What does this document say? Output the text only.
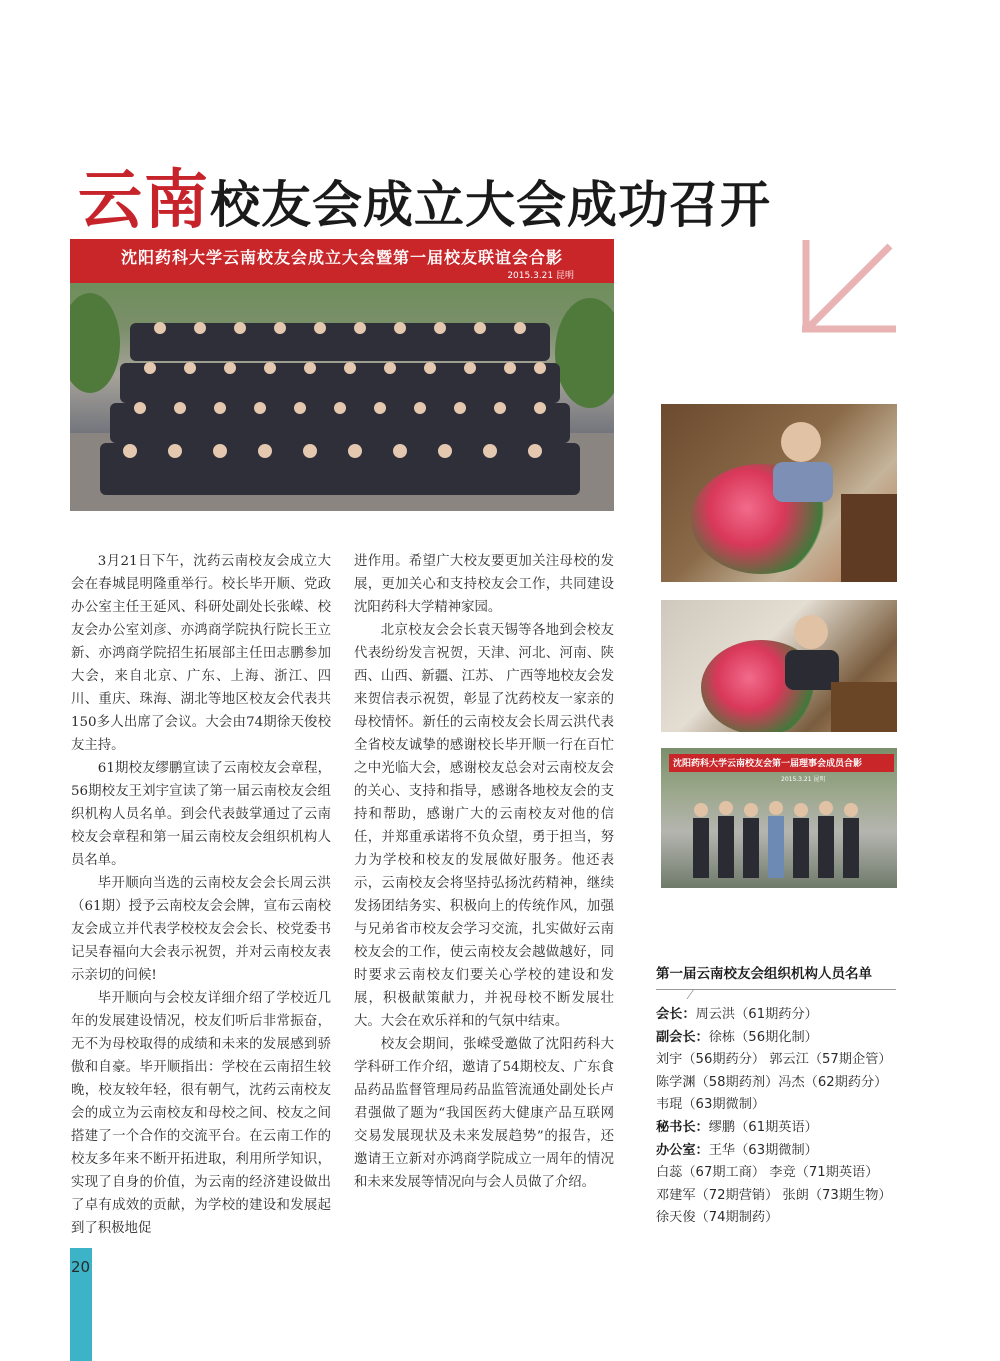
云南校友会成立大会成功召开
沈阳药科大学云南校友会成立大会暨第一届校友联谊会合影
2015.3.21 昆明
沈阳药科大学云南校友会第一届理事会成员合影
2015.3.21 昆明

3月21日下午，沈药云南校友会成立大会在春城昆明隆重举行。校长毕开顺、党政办公室主任王延风、科研处副处长张嵘、校友会办公室刘彦、亦鸿商学院执行院长王立新、亦鸿商学院招生拓展部主任田志鹏参加大会，来自北京、广东、上海、浙江、四川、重庆、珠海、湖北等地区校友会代表共150多人出席了会议。大会由74期徐天俊校友主持。

61期校友缪鹏宣读了云南校友会章程，56期校友王刘宇宣读了第一届云南校友会组织机构人员名单。到会代表鼓掌通过了云南校友会章程和第一届云南校友会组织机构人员名单。

毕开顺向当选的云南校友会会长周云洪（61期）授予云南校友会会牌，宣布云南校友会成立并代表学校校友会会长、校党委书记吴春福向大会表示祝贺，并对云南校友表示亲切的问候!

毕开顺向与会校友详细介绍了学校近几年的发展建设情况，校友们听后非常振奋，无不为母校取得的成绩和未来的发展感到骄傲和自豪。毕开顺指出：学校在云南招生较晚，校友较年轻，很有朝气，沈药云南校友会的成立为云南校友和母校之间、校友之间搭建了一个合作的交流平台。在云南工作的校友多年来不断开拓进取，利用所学知识，实现了自身的价值，为云南的经济建设做出了卓有成效的贡献，为学校的建设和发展起到了积极地促

进作用。希望广大校友要更加关注母校的发展，更加关心和支持校友会工作，共同建设沈阳药科大学精神家园。

北京校友会会长袁天锡等各地到会校友代表纷纷发言祝贺，天津、河北、河南、陕西、山西、新疆、江苏、 广西等地校友会发来贺信表示祝贺，彰显了沈药校友一家亲的母校情怀。新任的云南校友会长周云洪代表全省校友诚挚的感谢校长毕开顺一行在百忙之中光临大会，感谢校友总会对云南校友会的关心、支持和指导，感谢各地校友会的支持和帮助，感谢广大的云南校友对他的信任，并郑重承诺将不负众望，勇于担当，努力为学校和校友的发展做好服务。他还表示，云南校友会将坚持弘扬沈药精神，继续发扬团结务实、积极向上的传统作风，加强与兄弟省市校友会学习交流，扎实做好云南校友会的工作，使云南校友会越做越好，同时要求云南校友们要关心学校的建设和发展，积极献策献力，并祝母校不断发展壮大。大会在欢乐祥和的气氛中结束。

校友会期间，张嵘受邀做了沈阳药科大学科研工作介绍，邀请了54期校友、广东食品药品监督管理局药品监管流通处副处长卢君强做了题为“我国医药大健康产品互联网交易发展现状及未来发展趋势”的报告，还邀请王立新对亦鸿商学院成立一周年的情况和未来发展等情况向与会人员做了介绍。

第一届云南校友会组织机构人员名单
会长：周云洪（61期药分）
副会长：徐栋（56期化制）
刘宇（56期药分） 郭云江（57期企管）
陈学渊（58期药剂）冯杰（62期药分）
韦琨（63期微制）
秘书长：缪鹏（61期英语）
办公室：王华（63期微制）
白蕊（67期工商） 李竞（71期英语）
邓建军（72期营销） 张朗（73期生物）
徐天俊（74期制药）
20
